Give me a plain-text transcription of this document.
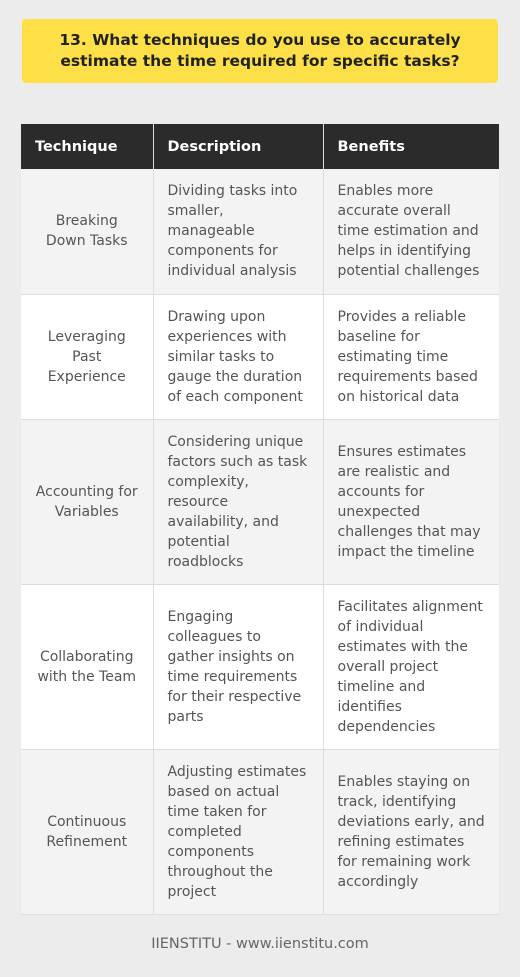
13. What techniques do you use to accurately estimate the time required for specific tasks?
Technique	Description	Benefits
Breaking Down Tasks	Dividing tasks into smaller, manageable components for individual analysis	Enables more accurate overall time estimation and helps in identifying potential challenges
Leveraging Past Experience	Drawing upon experiences with similar tasks to gauge the duration of each component	Provides a reliable baseline for estimating time requirements based on historical data
Accounting for Variables	Considering unique factors such as task complexity, resource availability, and potential roadblocks	Ensures estimates are realistic and accounts for unexpected challenges that may impact the timeline
Collaborating with the Team	Engaging colleagues to gather insights on time requirements for their respective parts	Facilitates alignment of individual estimates with the overall project timeline and identifies dependencies
Continuous Refinement	Adjusting estimates based on actual time taken for completed components throughout the project	Enables staying on track, identifying deviations early, and refining estimates for remaining work accordingly
IIENSTITU - www.iienstitu.com
